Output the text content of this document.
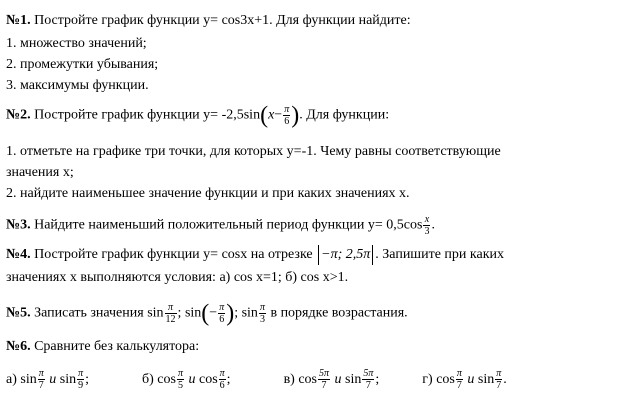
№1. Постройте график функции y= cos3x+1. Для функции найдите:
1. множество значений;
2. промежутки убывания;
3. максимумы функции.
№2. Постройте график функции $y= -2,5\sin(x- \frac{\pi}{6}$ ). Для функции:
1. отметьте на графике три точки, для которых y=-1. Чему равны соответствующие
значения x;
2. найдите наименьшее значение функции и при каких значениях x.
№3. Найдите наименьший положительный период функции $y= 0,5\cos \frac{x}{3}$ .
№4. Постройте график функции y= cosx на отрезке −π; 2,5π . Запишите при каких
значениях x выполняются условия: а) cos x=1; б) cos x>1.
№5. Записать значения $\sin \frac{\pi}{12}$ ; $\sin(- \frac{\pi}{6}$ ); $\sin \frac{\pi}{3}$ в порядке возрастания.
№6. Сравните без калькулятора:
а) $\sin \frac{\pi}{7}$ и $\sin \frac{\pi}{9}$ ;	б) $\cos \frac{\pi}{5}$ и $\cos \frac{\pi}{6}$ ;	в) $\cos \frac{5\pi}{7}$ и $\sin \frac{5\pi}{7}$ ;	г) $\cos \frac{\pi}{7}$ и $\sin \frac{\pi}{7}$ .
